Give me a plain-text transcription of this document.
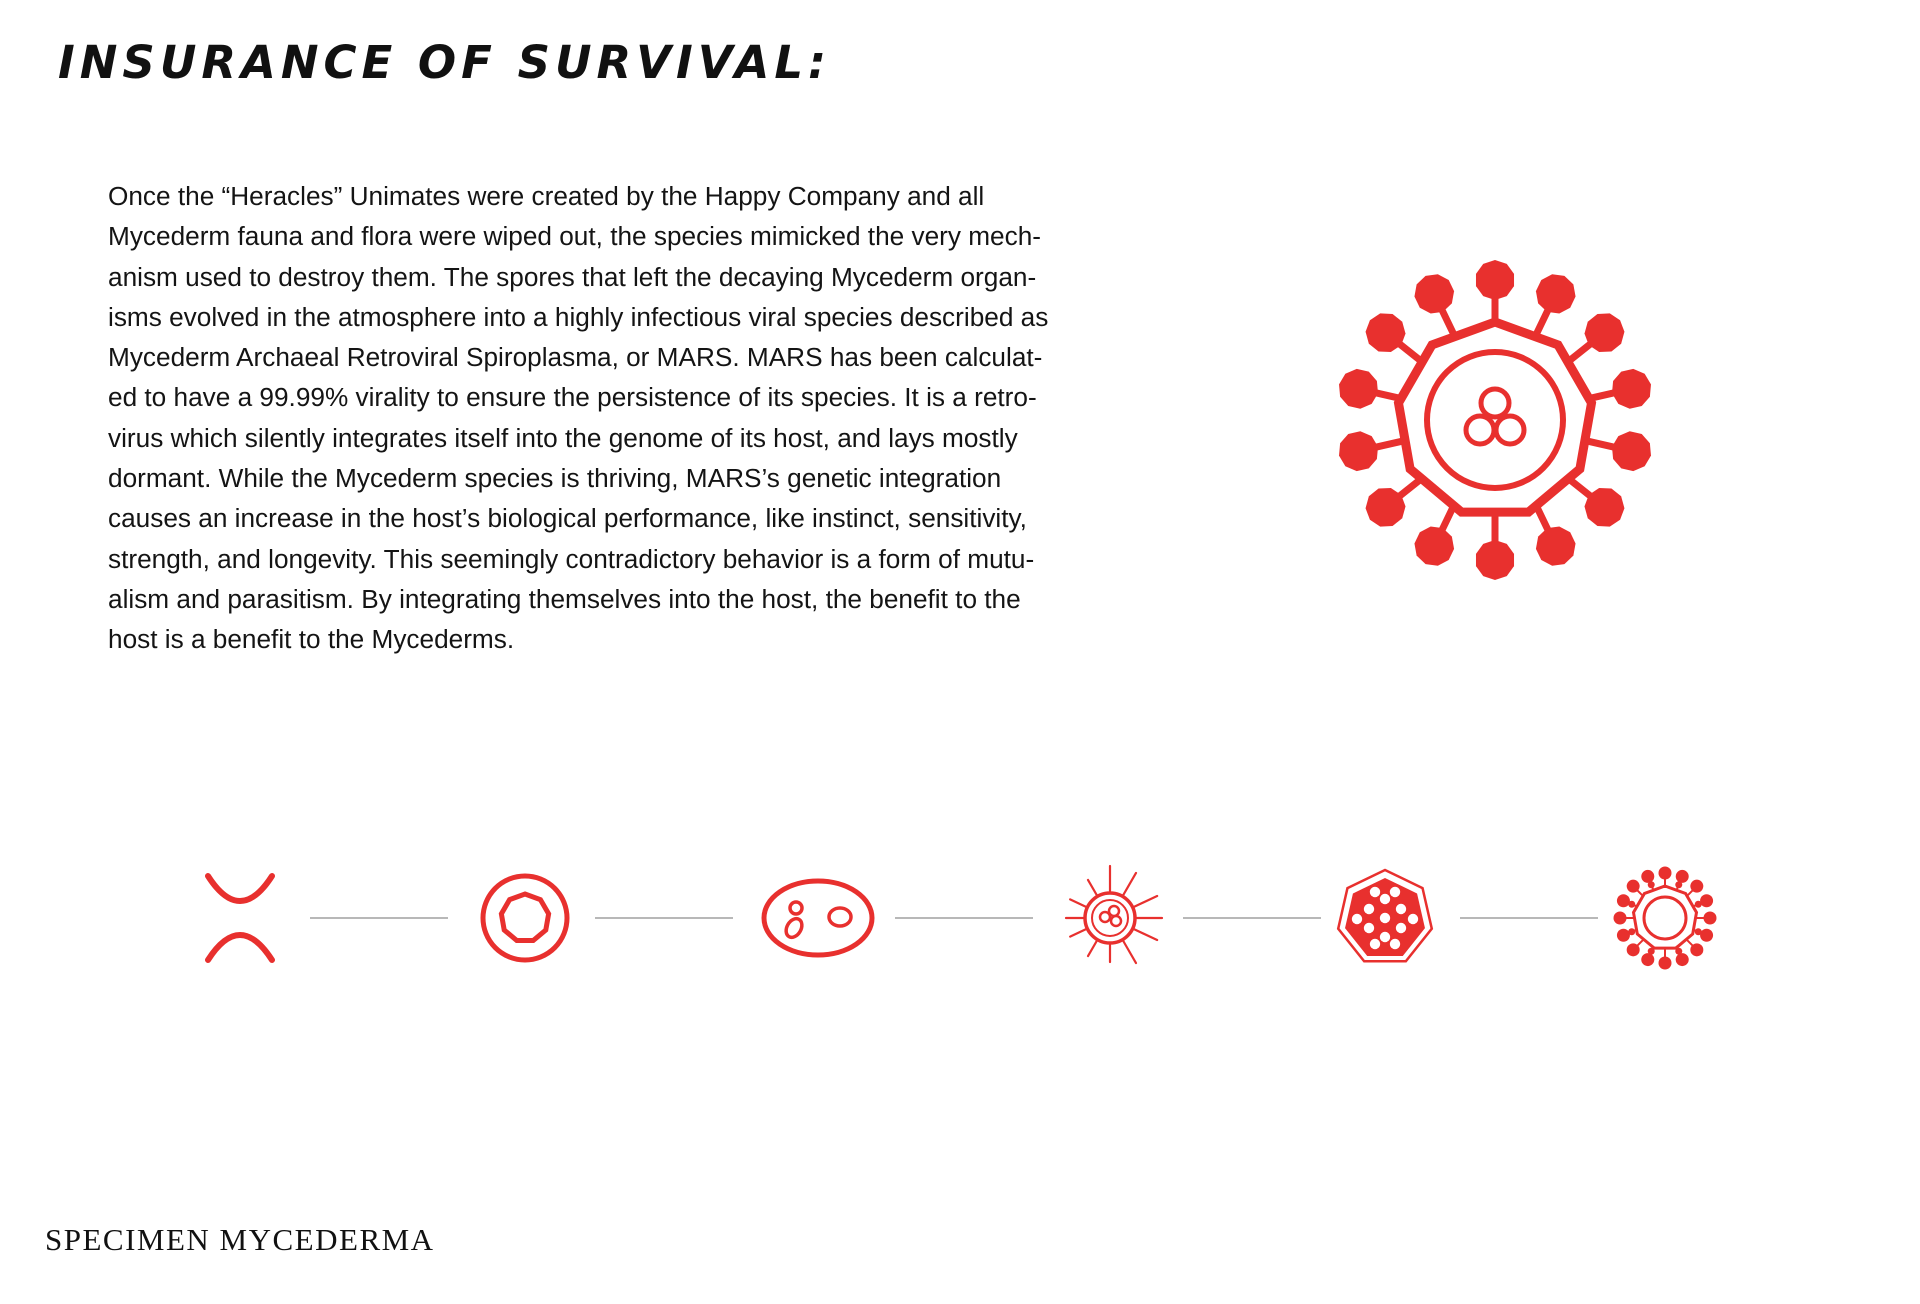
INSURANCE OF SURVIVAL:
Once the “Heracles” Unimates were created by the Happy Company and all
Mycederm fauna and flora were wiped out, the species mimicked the very mech-
anism used to destroy them. The spores that left the decaying Mycederm organ-
isms evolved in the atmosphere into a highly infectious viral species described as
Mycederm Archaeal Retroviral Spiroplasma, or MARS. MARS has been calculat-
ed to have a 99.99% virality to ensure the persistence of its species. It is a retro-
virus which silently integrates itself into the genome of its host, and lays mostly
dormant. While the Mycederm species is thriving, MARS’s genetic integration
causes an increase in the host’s biological performance, like instinct, sensitivity,
strength, and longevity. This seemingly contradictory behavior is a form of mutu-
alism and parasitism. By integrating themselves into the host, the benefit to the
host is a benefit to the Mycederms.
SPECIMEN MYCEDERMA
